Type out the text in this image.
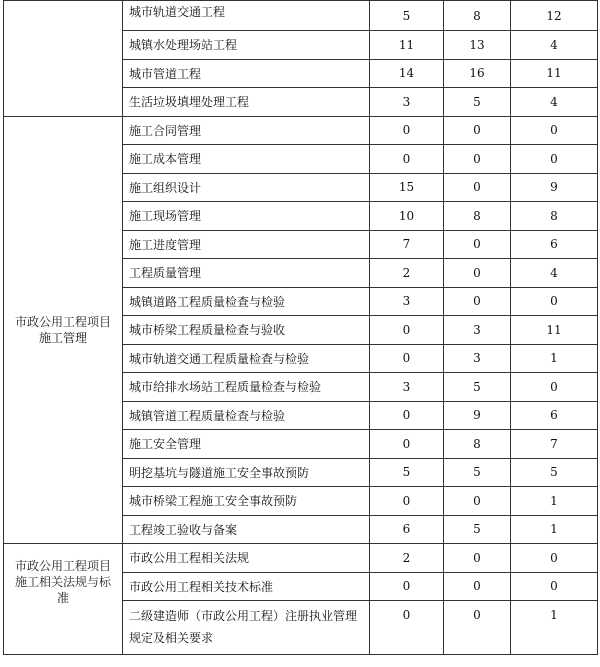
	城市轨道交通工程	5	8	12
	城镇水处理场站工程	11	13	4
	城市管道工程	14	16	11
	生活垃圾填埋处理工程	3	5	4

市政公用工程项目
施工管理	施工合同管理	0	0	0
	施工成本管理	0	0	0
	施工组织设计	15	0	9
	施工现场管理	10	8	8
	施工进度管理	7	0	6
	工程质量管理	2	0	4
	城镇道路工程质量检查与检验	3	0	0
	城市桥梁工程质量检查与验收	0	3	11
	城市轨道交通工程质量检查与检验	0	3	1
	城市给排水场站工程质量检查与检验	3	5	0
	城镇管道工程质量检查与检验	0	9	6
	施工安全管理	0	8	7
	明挖基坑与隧道施工安全事故预防	5	5	5
	城市桥梁工程施工安全事故预防	0	0	1
	工程竣工验收与备案	6	5	1

市政公用工程项目
施工相关法规与标
准	市政公用工程相关法规	2	0	0
	市政公用工程相关技术标准	0	0	0
	二级建造师（市政公用工程）注册执业管理规定及相关要求	0	0	1
